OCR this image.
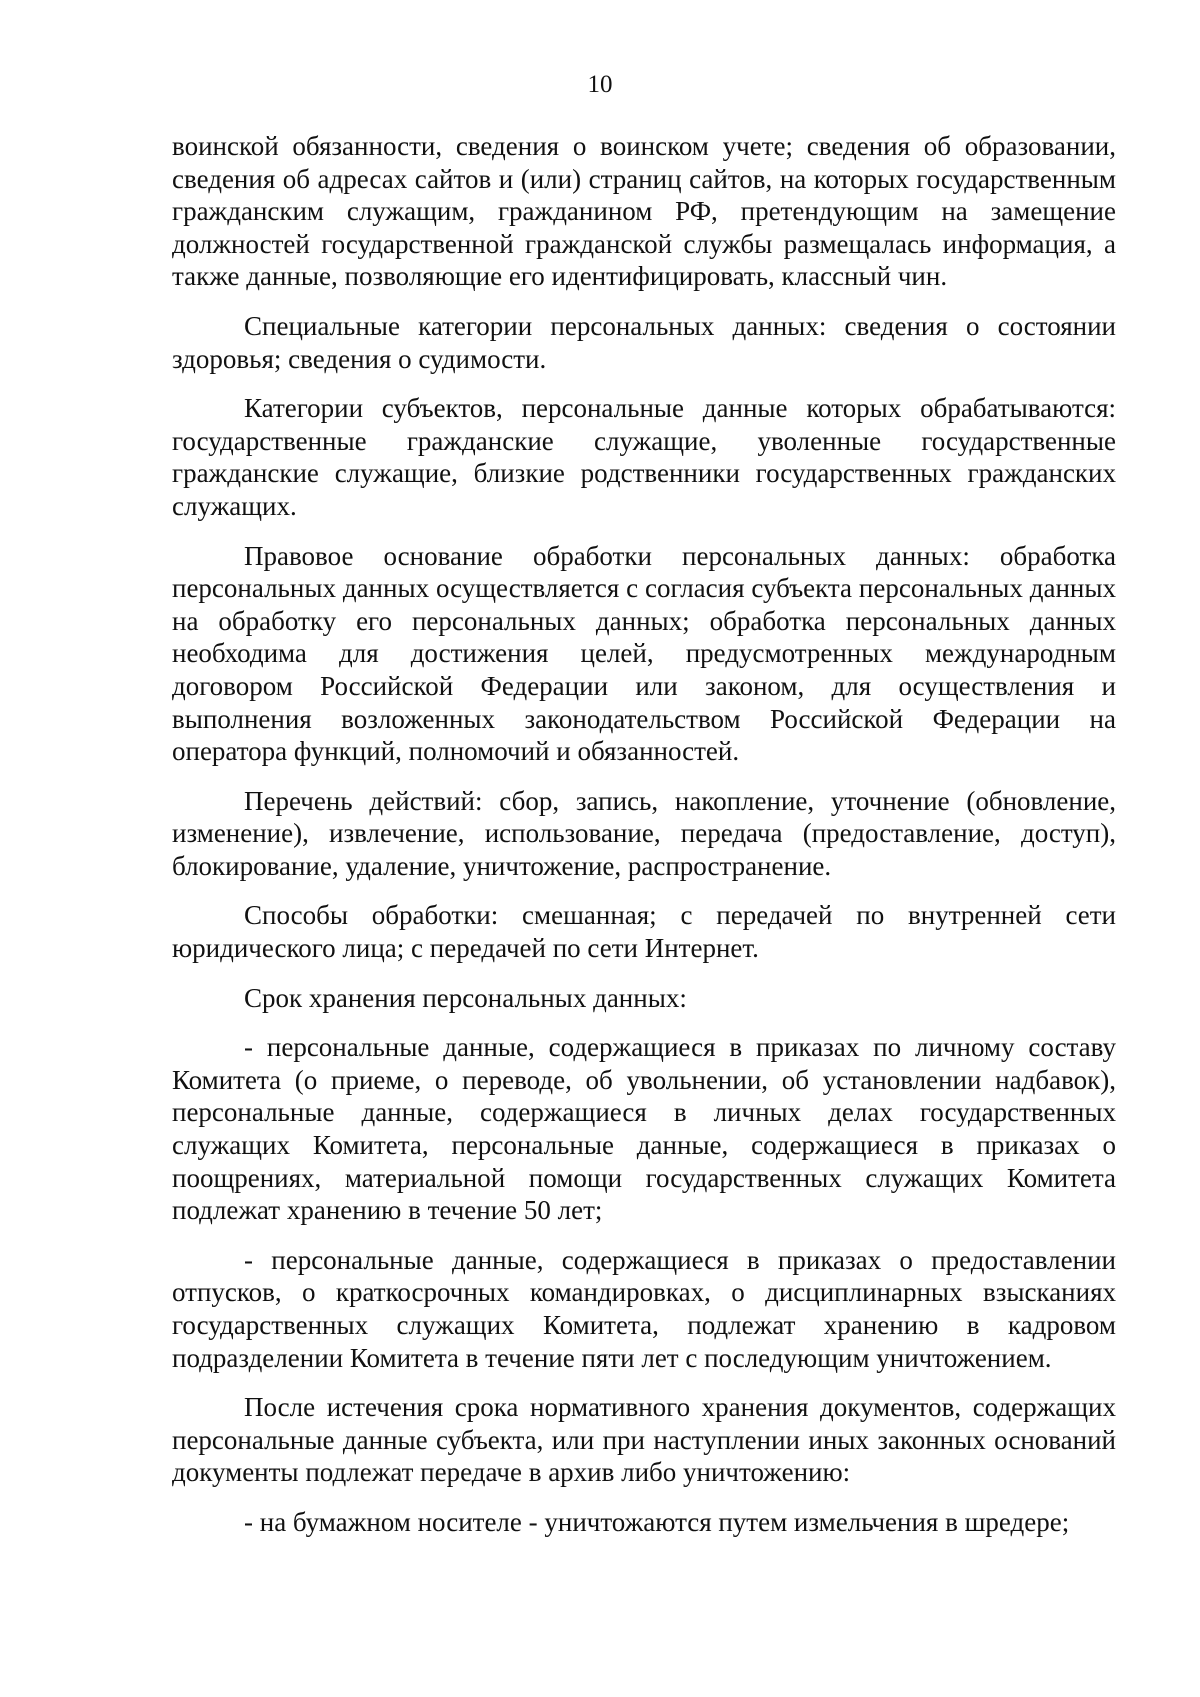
10

воинской обязанности, сведения о воинском учете; сведения об образовании, сведения об адресах сайтов и (или) страниц сайтов, на которых государственным гражданским служащим, гражданином РФ, претендующим на замещение должностей государственной гражданской службы размещалась информация, а также данные, позволяющие его идентифицировать, классный чин.

Специальные категории персональных данных: сведения о состоянии здоровья; сведения о судимости.

Категории субъектов, персональные данные которых обрабатываются: государственные гражданские служащие, уволенные государственные гражданские служащие, близкие родственники государственных гражданских служащих.

Правовое основание обработки персональных данных: обработка персональных данных осуществляется с согласия субъекта персональных данных на обработку его персональных данных; обработка персональных данных необходима для достижения целей, предусмотренных международным договором Российской Федерации или законом, для осуществления и выполнения возложенных законодательством Российской Федерации на оператора функций, полномочий и обязанностей.

Перечень действий: сбор, запись, накопление, уточнение (обновление, изменение), извлечение, использование, передача (предоставление, доступ), блокирование, удаление, уничтожение, распространение.

Способы обработки: смешанная; с передачей по внутренней сети юридического лица; с передачей по сети Интернет.

Срок хранения персональных данных:

- персональные данные, содержащиеся в приказах по личному составу Комитета (о приеме, о переводе, об увольнении, об установлении надбавок), персональные данные, содержащиеся в личных делах государственных служащих Комитета, персональные данные, содержащиеся в приказах о поощрениях, материальной помощи государственных служащих Комитета подлежат хранению в течение 50 лет;

- персональные данные, содержащиеся в приказах о предоставлении отпусков, о краткосрочных командировках, о дисциплинарных взысканиях государственных служащих Комитета, подлежат хранению в кадровом подразделении Комитета в течение пяти лет с последующим уничтожением.

После истечения срока нормативного хранения документов, содержащих персональные данные субъекта, или при наступлении иных законных оснований документы подлежат передаче в архив либо уничтожению:

- на бумажном носителе - уничтожаются путем измельчения в шредере;
